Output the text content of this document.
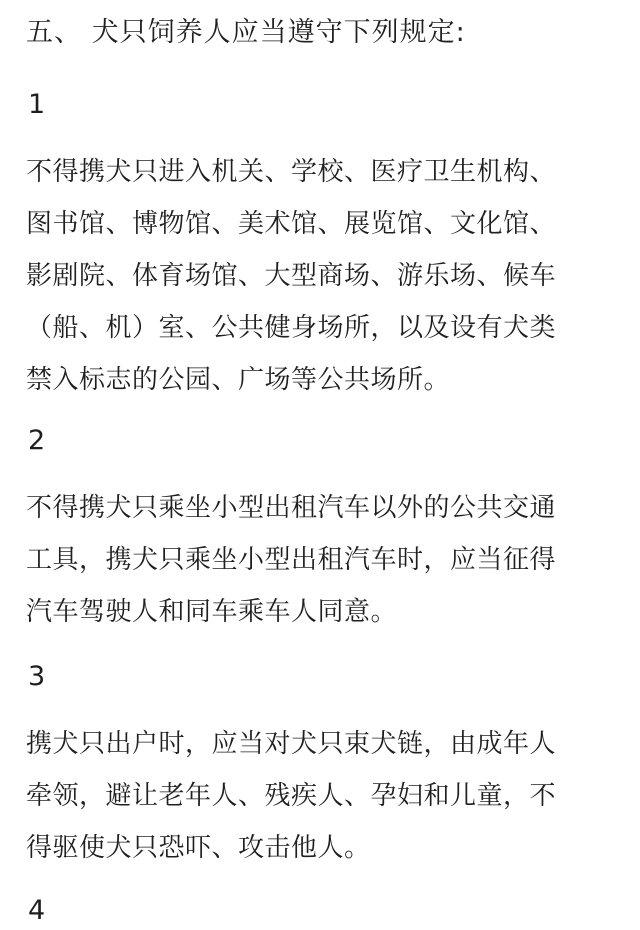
五、 犬只饲养人应当遵守下列规定:
1
不得携犬只进入机关、学校、医疗卫生机构、
图书馆、博物馆、美术馆、展览馆、文化馆、
影剧院、体育场馆、大型商场、游乐场、候车
（船、机）室、公共健身场所，以及设有犬类
禁入标志的公园、广场等公共场所。
2
不得携犬只乘坐小型出租汽车以外的公共交通
工具，携犬只乘坐小型出租汽车时，应当征得
汽车驾驶人和同车乘车人同意。
3
携犬只出户时，应当对犬只束犬链，由成年人
牵领，避让老年人、残疾人、孕妇和儿童，不
得驱使犬只恐吓、攻击他人。
4
